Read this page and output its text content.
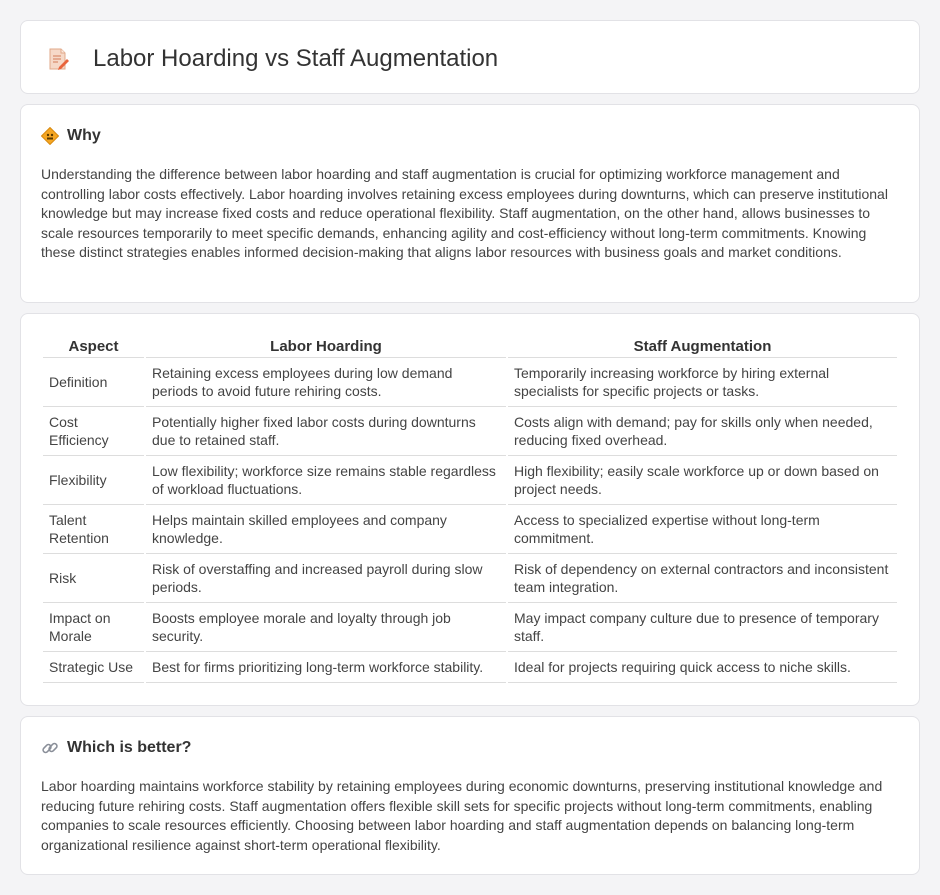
Labor Hoarding vs Staff Augmentation
Why

Understanding the difference between labor hoarding and staff augmentation is crucial for optimizing workforce management and controlling labor costs effectively. Labor hoarding involves retaining excess employees during downturns, which can preserve institutional knowledge but may increase fixed costs and reduce operational flexibility. Staff augmentation, on the other hand, allows businesses to scale resources temporarily to meet specific demands, enhancing agility and cost-efficiency without long-term commitments. Knowing these distinct strategies enables informed decision-making that aligns labor resources with business goals and market conditions.

Aspect	Labor Hoarding	Staff Augmentation
Definition	Retaining excess employees during low demand periods to avoid future rehiring costs.	Temporarily increasing workforce by hiring external specialists for specific projects or tasks.
Cost Efficiency	Potentially higher fixed labor costs during downturns due to retained staff.	Costs align with demand; pay for skills only when needed, reducing fixed overhead.
Flexibility	Low flexibility; workforce size remains stable regardless of workload fluctuations.	High flexibility; easily scale workforce up or down based on project needs.
Talent Retention	Helps maintain skilled employees and company knowledge.	Access to specialized expertise without long-term commitment.
Risk	Risk of overstaffing and increased payroll during slow periods.	Risk of dependency on external contractors and inconsistent team integration.
Impact on Morale	Boosts employee morale and loyalty through job security.	May impact company culture due to presence of temporary staff.
Strategic Use	Best for firms prioritizing long-term workforce stability.	Ideal for projects requiring quick access to niche skills.
Which is better?

Labor hoarding maintains workforce stability by retaining employees during economic downturns, preserving institutional knowledge and reducing future rehiring costs. Staff augmentation offers flexible skill sets for specific projects without long-term commitments, enabling companies to scale resources efficiently. Choosing between labor hoarding and staff augmentation depends on balancing long-term organizational resilience against short-term operational flexibility.
